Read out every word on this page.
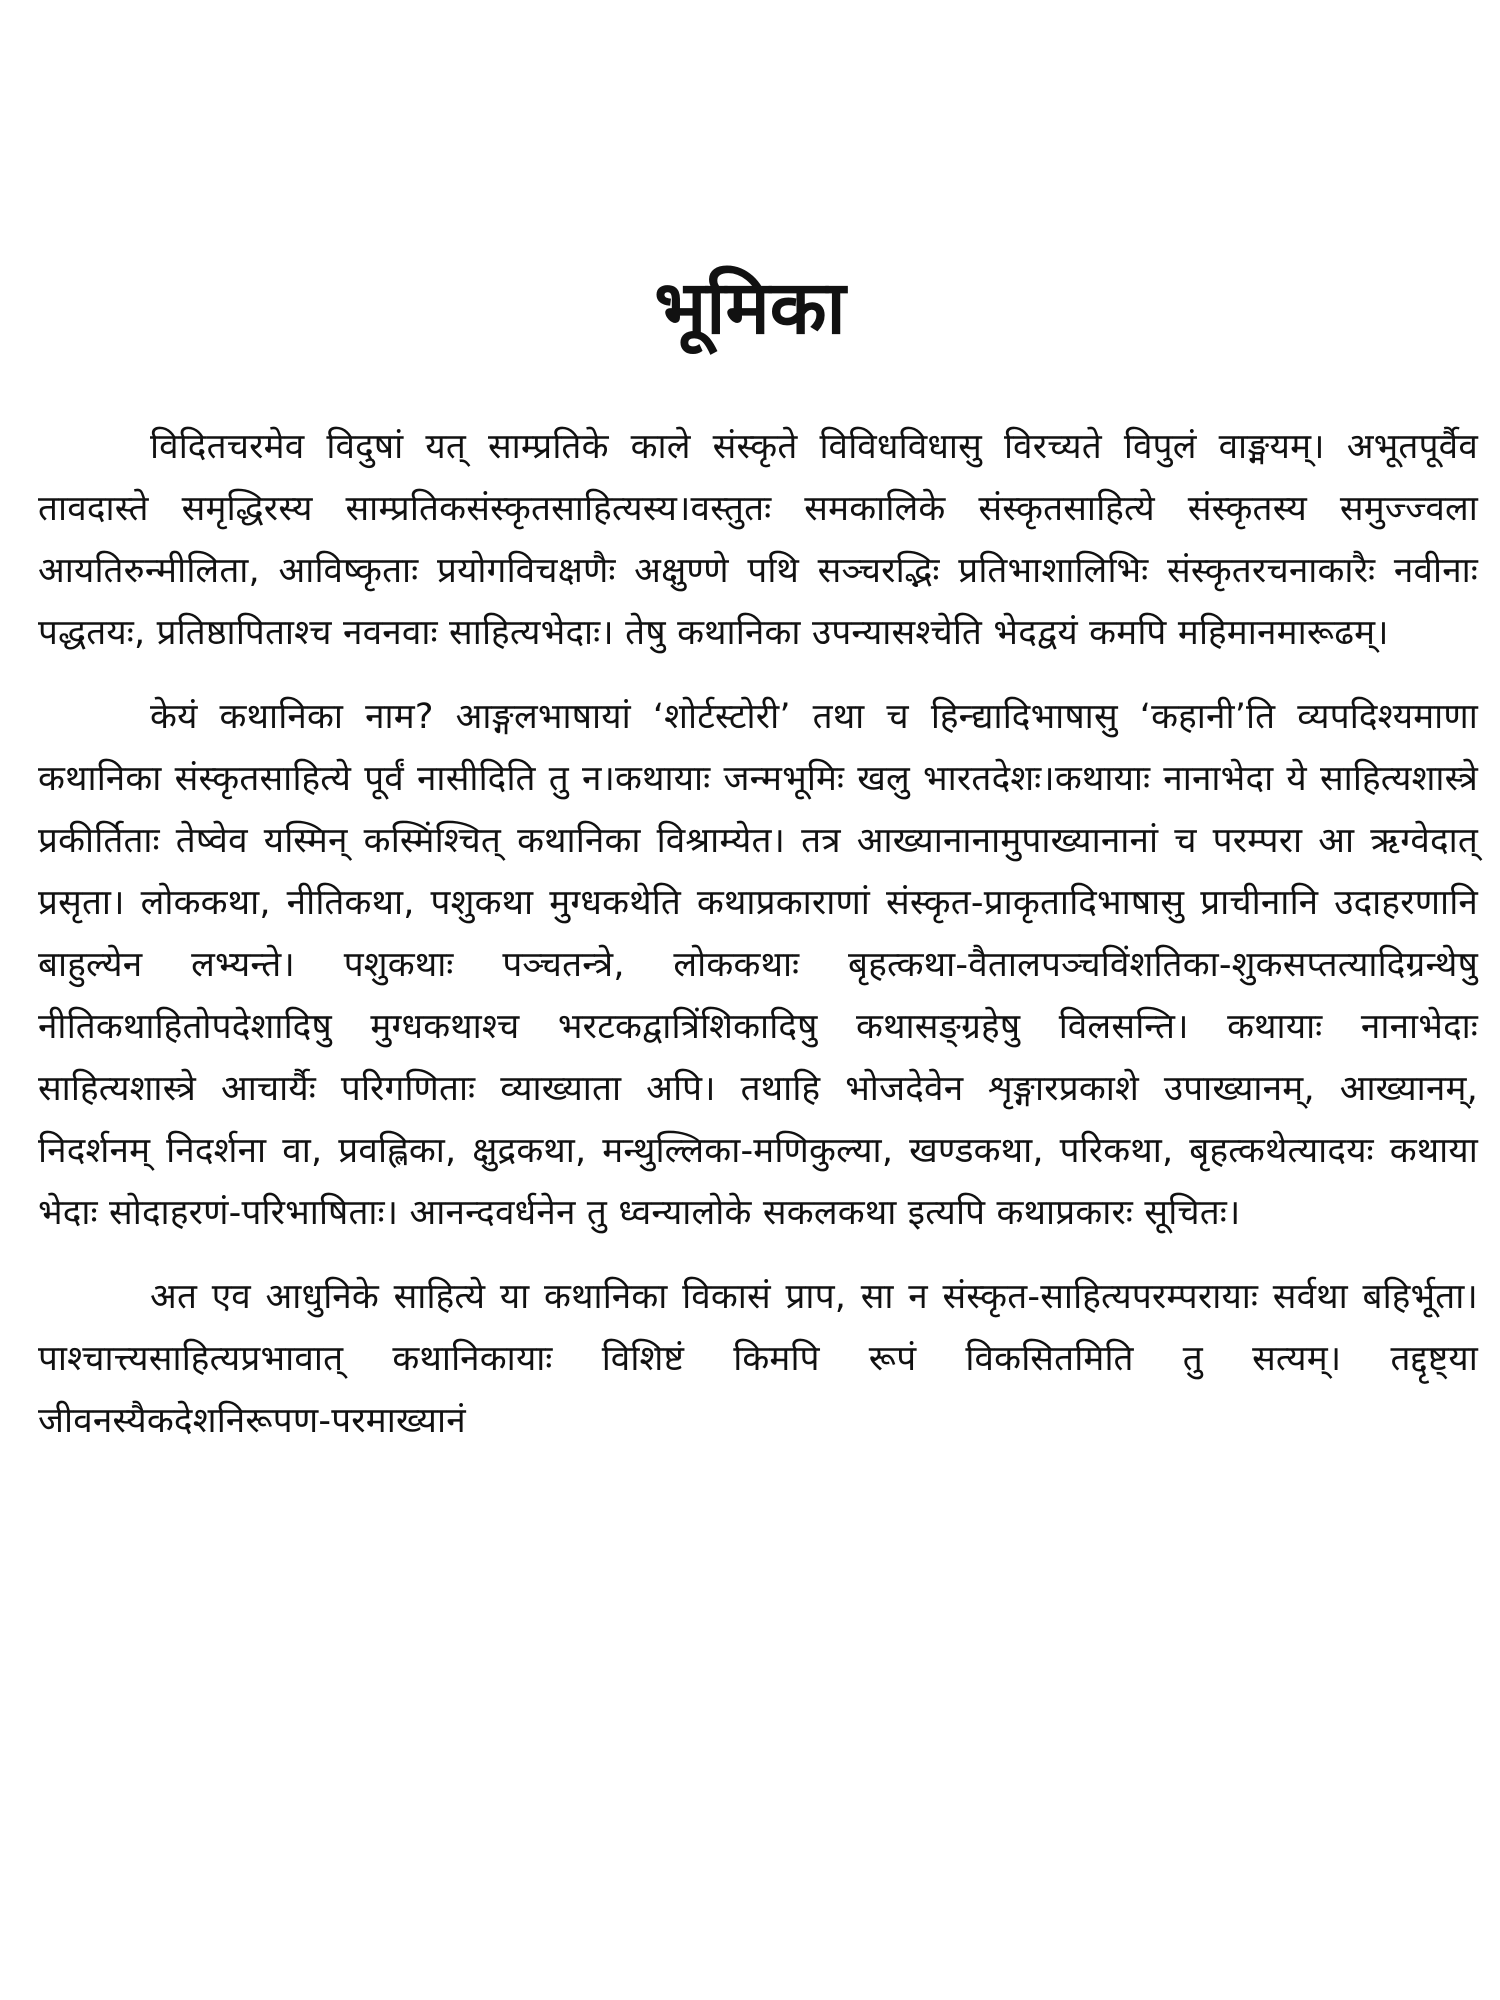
भूमिका

विदितचरमेव विदुषां यत् साम्प्रतिके काले संस्कृते विविधविधासु विरच्यते विपुलं वाङ्मयम्। अभूतपूर्वैव तावदास्ते समृद्धिरस्य साम्प्रतिकसंस्कृतसाहित्यस्य।वस्तुतः समकालिके संस्कृतसाहित्ये संस्कृतस्य समुज्ज्वला आयतिरुन्मीलिता, आविष्कृताः प्रयोगविचक्षणैः अक्षुण्णे पथि सञ्चरद्भिः प्रतिभाशालिभिः संस्कृतरचनाकारैः नवीनाः पद्धतयः, प्रतिष्ठापिताश्च नवनवाः साहित्यभेदाः। तेषु कथानिका उपन्यासश्चेति भेदद्वयं कमपि महिमानमारूढम्।

केयं कथानिका नाम? आङ्गलभाषायां ‘शोर्टस्टोरी’ तथा च हिन्द्यादिभाषासु ‘कहानी’ति व्यपदिश्यमाणा कथानिका संस्कृतसाहित्ये पूर्वं नासीदिति तु न।कथायाः जन्मभूमिः खलु भारतदेशः।कथायाः नानाभेदा ये साहित्यशास्त्रे प्रकीर्तिताः तेष्वेव यस्मिन् कस्मिंश्चित् कथानिका विश्राम्येत। तत्र आख्यानानामुपाख्यानानां च परम्परा आ ऋग्वेदात् प्रसृता। लोककथा, नीतिकथा, पशुकथा मुग्धकथेति कथाप्रकाराणां संस्कृत-प्राकृतादिभाषासु प्राचीनानि उदाहरणानि बाहुल्येन लभ्यन्ते। पशुकथाः पञ्चतन्त्रे, लोककथाः बृहत्कथा-वैतालपञ्चविंशतिका-शुकसप्तत्यादिग्रन्थेषु नीतिकथाहितोपदेशादिषु मुग्धकथाश्च भरटकद्वात्रिंशिकादिषु कथासङ्ग्रहेषु विलसन्ति। कथायाः नानाभेदाः साहित्यशास्त्रे आचार्यैः परिगणिताः व्याख्याता अपि। तथाहि भोजदेवेन शृङ्गारप्रकाशे उपाख्यानम्, आख्यानम्, निदर्शनम् निदर्शना वा, प्रवह्लिका, क्षुद्रकथा, मन्थुल्लिका-मणिकुल्या, खण्डकथा, परिकथा, बृहत्कथेत्यादयः कथाया भेदाः सोदाहरणं-परिभाषिताः। आनन्दवर्धनेन तु ध्वन्यालोके सकलकथा इत्यपि कथाप्रकारः सूचितः।

अत एव आधुनिके साहित्ये या कथानिका विकासं प्राप, सा न संस्कृत-साहित्यपरम्परायाः सर्वथा बहिर्भूता। पाश्चात्त्यसाहित्यप्रभावात् कथानिकायाः विशिष्टं किमपि रूपं विकसितमिति तु सत्यम्। तद्दृष्ट्या जीवनस्यैकदेशनिरूपण-परमाख्यानं
